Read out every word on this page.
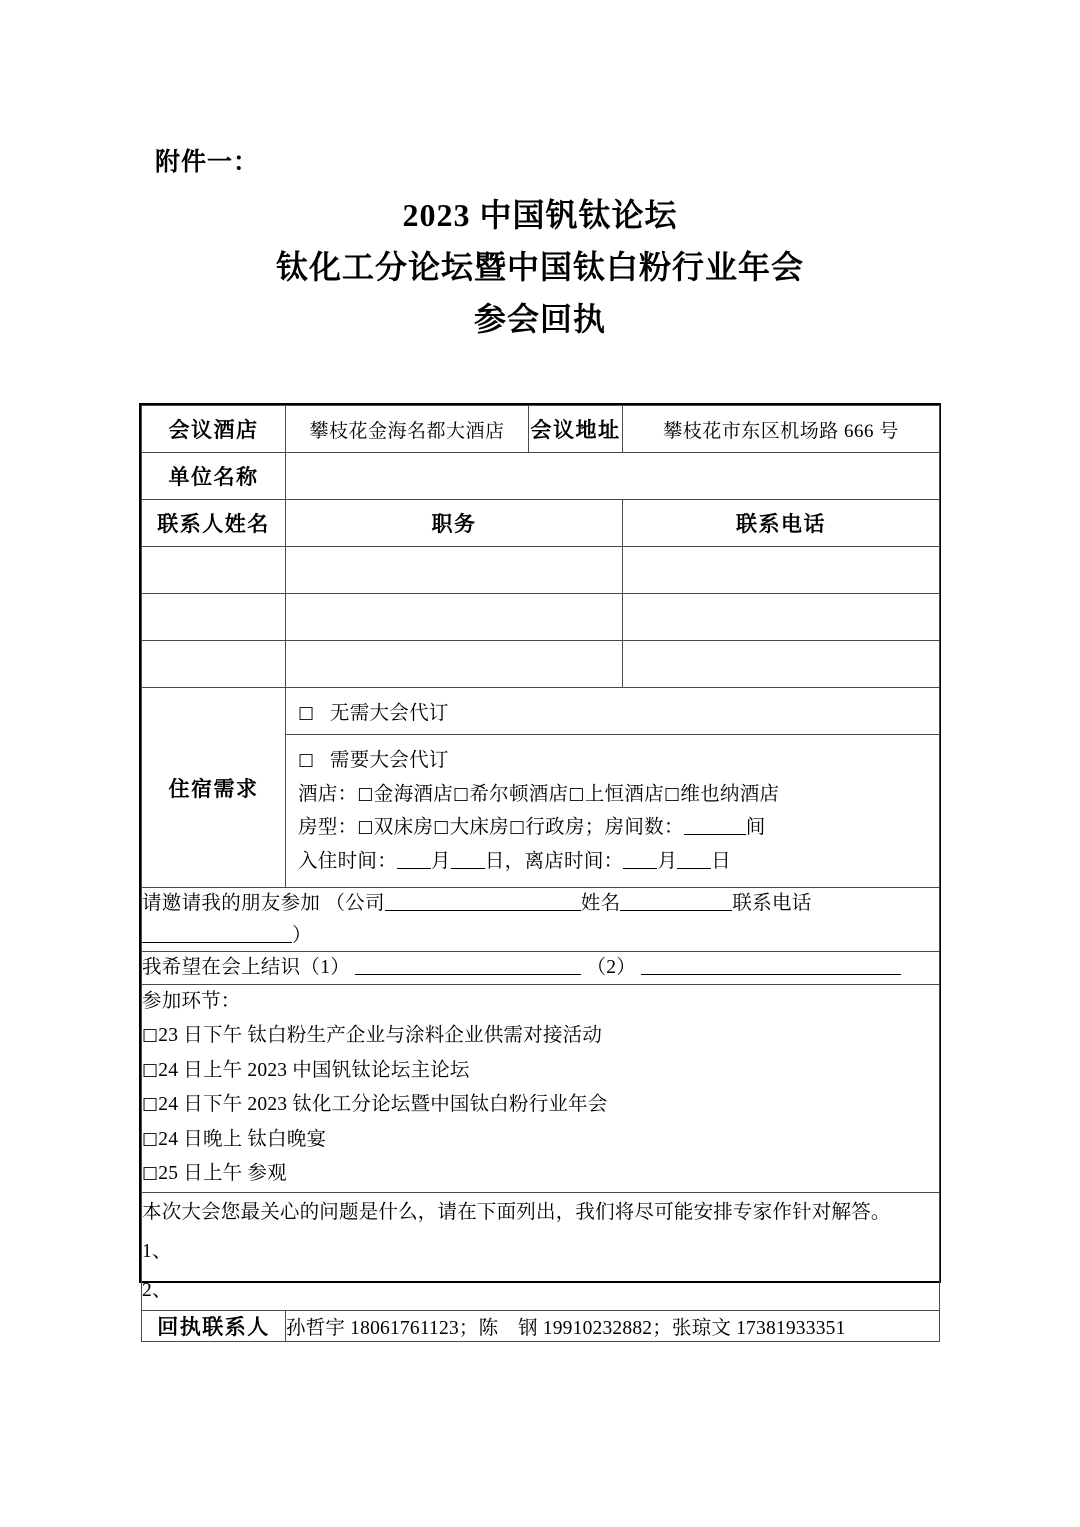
附件一：
2023 中国钒钛论坛
钛化工分论坛暨中国钛白粉行业年会
参会回执
会议酒店	攀枝花金海名都大酒店	会议地址	攀枝花市东区机场路 666 号
单位名称			
联系人姓名	职务		联系电话

住宿需求	□ 无需大会代订
□ 需要大会代订
酒店：□金海酒店□希尔顿酒店□上恒酒店□维也纳酒店
房型：□双床房□大床房□行政房；房间数： 间
入住时间： 月 日，离店时间： 月 日		

请邀请我的朋友参加 （公司 姓名 联系电话）			
我希望在会上结识（1） （2）			

参加环节：
□23 日下午 钛白粉生产企业与涂料企业供需对接活动
□24 日上午 2023 中国钒钛论坛主论坛
□24 日下午 2023 钛化工分论坛暨中国钛白粉行业年会
□24 日晚上 钛白晚宴
□25 日上午 参观

本次大会您最关心的问题是什么，请在下面列出，我们将尽可能安排专家作针对解答。
1、
2、			

回执联系人	孙哲宇 18061761123；陈　钢 19910232882；张琼文 17381933351		
